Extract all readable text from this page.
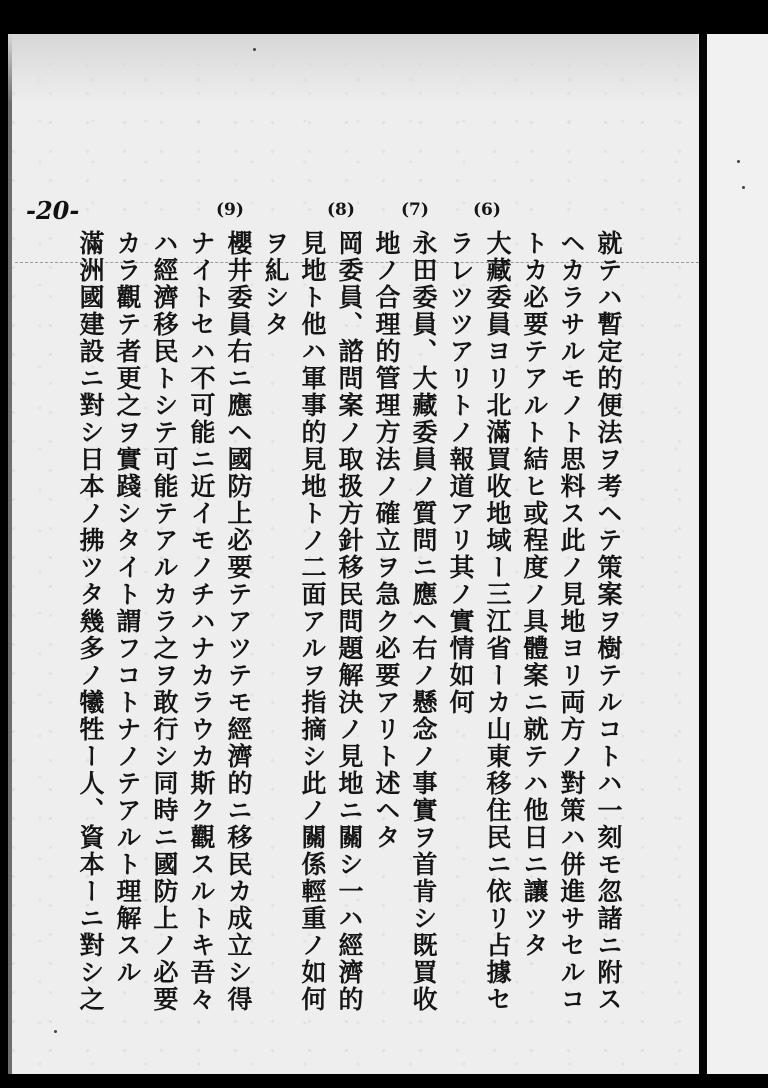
-20-	(6)
(7)
(8)
(9)
就テハ暫定的便法ヲ考ヘテ策案ヲ樹テルコトハ一刻モ忽諸ニ附ス
ヘカラサルモノト思料ス此ノ見地ヨリ両方ノ對策ハ併進サセルコ
トカ必要テアルト結ヒ或程度ノ具體案ニ就テハ他日ニ讓ツタ
大藏委員ヨリ北滿買收地域ー三江省ーカ山東移住民ニ依リ占據セ
ラレツツアリトノ報道アリ其ノ實情如何
永田委員、大藏委員ノ質問ニ應ヘ右ノ懸念ノ事實ヲ首肯シ既買收
地ノ合理的管理方法ノ確立ヲ急ク必要アリト述ヘタ
岡委員、諮問案ノ取扱方針移民問題解決ノ見地ニ關シ一ハ經濟的
見地ト他ハ軍事的見地トノ二面アルヲ指摘シ此ノ關係輕重ノ如何
ヲ糺シタ
櫻井委員右ニ應ヘ國防上必要テアツテモ經濟的ニ移民カ成立シ得
ナイトセハ不可能ニ近イモノチハナカラウカ斯ク觀スルトキ吾々
ハ經濟移民トシテ可能テアルカラ之ヲ敢行シ同時ニ國防上ノ必要
カラ觀テ者更之ヲ實踐シタイト謂フコトナノテアルト理解スル
滿洲國建設ニ對シ日本ノ拂ツタ幾多ノ犧牲ー人、資本ーニ對シ之
